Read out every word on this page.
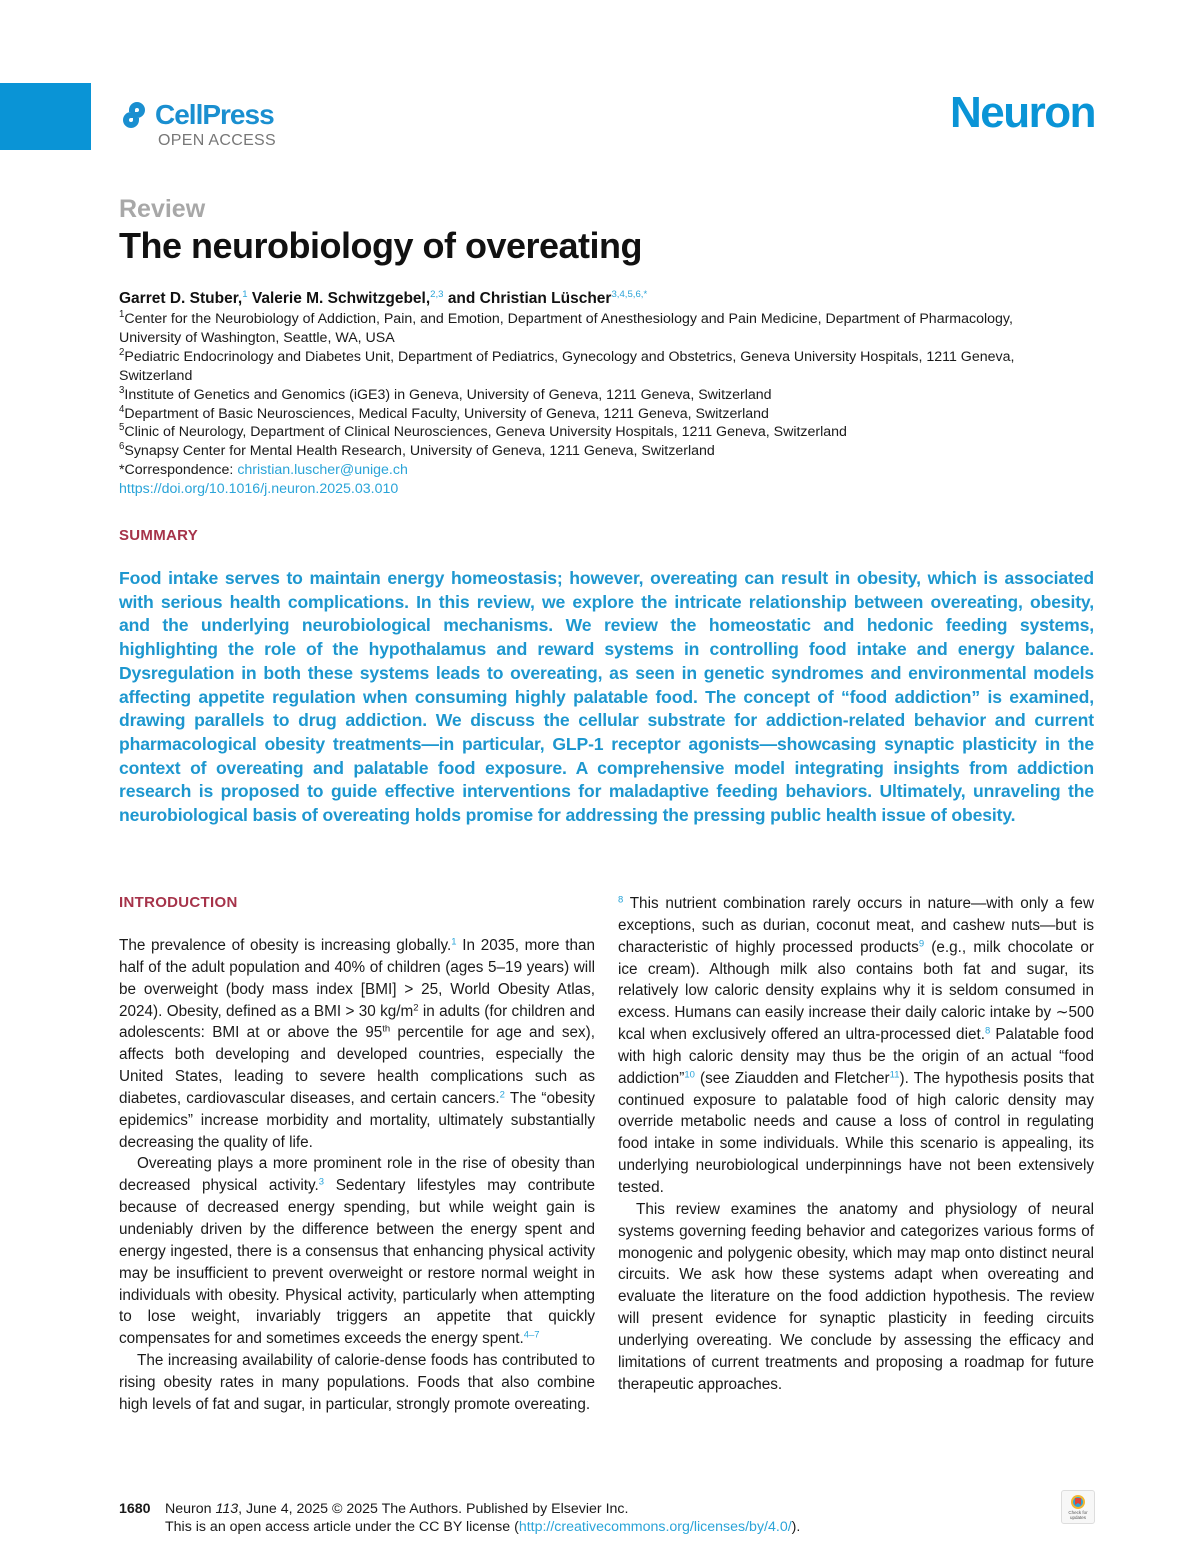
CellPress
OPEN ACCESS
Neuron
Review
The neurobiology of overeating
Garret D. Stuber,$^1$ Valerie M. Schwitzgebel,$^{2,3}$ and Christian Lüscher$^{3,4,5,6,*}$
$^1$Center for the Neurobiology of Addiction, Pain, and Emotion, Department of Anesthesiology and Pain Medicine, Department of Pharmacology, University of Washington, Seattle, WA, USA
$^2$Pediatric Endocrinology and Diabetes Unit, Department of Pediatrics, Gynecology and Obstetrics, Geneva University Hospitals, 1211 Geneva, Switzerland
$^3$Institute of Genetics and Genomics (iGE3) in Geneva, University of Geneva, 1211 Geneva, Switzerland
$^4$Department of Basic Neurosciences, Medical Faculty, University of Geneva, 1211 Geneva, Switzerland
$^5$Clinic of Neurology, Department of Clinical Neurosciences, Geneva University Hospitals, 1211 Geneva, Switzerland
$^6$Synapsy Center for Mental Health Research, University of Geneva, 1211 Geneva, Switzerland
*Correspondence: christian.luscher@unige.ch
https://doi.org/10.1016/j.neuron.2025.03.010
SUMMARY
Food intake serves to maintain energy homeostasis; however, overeating can result in obesity, which is associated with serious health complications. In this review, we explore the intricate relationship between overeating, obesity, and the underlying neurobiological mechanisms. We review the homeostatic and hedonic feeding systems, highlighting the role of the hypothalamus and reward systems in controlling food intake and energy balance. Dysregulation in both these systems leads to overeating, as seen in genetic syndromes and environmental models affecting appetite regulation when consuming highly palatable food. The concept of “food addiction” is examined, drawing parallels to drug addiction. We discuss the cellular substrate for addiction-related behavior and current pharmacological obesity treatments—in particular, GLP-1 receptor agonists—showcasing synaptic plasticity in the context of overeating and palatable food exposure. A comprehensive model integrating insights from addiction research is proposed to guide effective interventions for maladaptive feeding behaviors. Ultimately, unraveling the neurobiological basis of overeating holds promise for addressing the pressing public health issue of obesity.
INTRODUCTION

The prevalence of obesity is increasing globally.$^1$ In 2035, more than half of the adult population and 40% of children (ages 5–19 years) will be overweight (body mass index [BMI] > 25, World Obesity Atlas, 2024). Obesity, defined as a BMI > 30 $kg/m^2$ in adults (for children and adolescents: BMI at or above the 95th percentile for age and sex), affects both developing and developed countries, especially the United States, leading to severe health complications such as diabetes, cardiovascular diseases, and certain cancers.$^2$ The “obesity epidemics” increase morbidity and mortality, ultimately substantially decreasing the quality of life.

Overeating plays a more prominent role in the rise of obesity than decreased physical activity.$^3$ Sedentary lifestyles may contribute because of decreased energy spending, but while weight gain is undeniably driven by the difference between the energy spent and energy ingested, there is a consensus that enhancing physical activity may be insufficient to prevent overweight or restore normal weight in individuals with obesity. Physical activity, particularly when attempting to lose weight, invariably triggers an appetite that quickly compensates for and sometimes exceeds the energy spent.$^{4-7}$

The increasing availability of calorie-dense foods has contributed to rising obesity rates in many populations. Foods that also combine high levels of fat and sugar, in particular, strongly promote overeating.

$^8$ This nutrient combination rarely occurs in nature—with only a few exceptions, such as durian, coconut meat, and cashew nuts—but is characteristic of highly processed products$^9$ (e.g., milk chocolate or ice cream). Although milk also contains both fat and sugar, its relatively low caloric density explains why it is seldom consumed in excess. Humans can easily increase their daily caloric intake by ∼500 kcal when exclusively offered an ultra-processed diet.$^8$ Palatable food with high caloric density may thus be the origin of an actual “food addiction”$^{10}$ (see Ziaudden and Fletcher$^{11}$). The hypothesis posits that continued exposure to palatable food of high caloric density may override metabolic needs and cause a loss of control in regulating food intake in some individuals. While this scenario is appealing, its underlying neurobiological underpinnings have not been extensively tested.

This review examines the anatomy and physiology of neural systems governing feeding behavior and categorizes various forms of monogenic and polygenic obesity, which may map onto distinct neural circuits. We ask how these systems adapt when overeating and evaluate the literature on the food addiction hypothesis. The review will present evidence for synaptic plasticity in feeding circuits underlying overeating. We conclude by assessing the efficacy and limitations of current treatments and proposing a roadmap for future therapeutic approaches.

1680 Neuron 113, June 4, 2025 © 2025 The Authors. Published by Elsevier Inc.
This is an open access article under the CC BY license (http://creativecommons.org/licenses/by/4.0/).
Check for updates
